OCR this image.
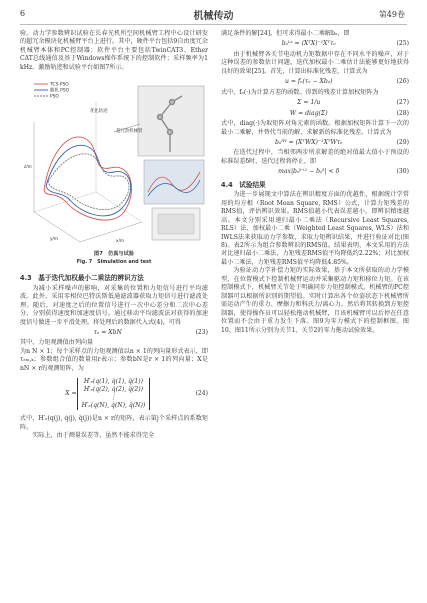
6	机械传动	第49卷

验。动力学参数辨识试验在长春光机所空间机械臂工程中心设计研发的超冗余模块化机械臂平台上进行。其中，硬件平台包括9自由度冗余机械臂本体和PC控制器；软件平台主要包括TwinCAT3、Ether CAT总线通信及基于Windows操作系统下的控制软件；采样频率为1 kHz。激励轨迹和试验平台如图7所示。

TCS-PSO
随机 PSO
PSO
优化轨迹
超冗余机械臂
z/m
y/m	x/m
图7　仿真与试验
Fig. 7　Simulation and test
4.3　基于迭代加权最小二乘法的辨识方法

为减小采样噪声的影响，对采集的位置和力矩信号进行平均滤波。此外，采用零相位巴特沃斯低通滤波器获取力矩信号进行滤波处理。随后，对速度之后的位置信号进行一次中心差分和二次中心差分，分别获得速度和加速度信号。通过移动平均滤波法对获得的加速度信号做进一步平滑处理。将处理后的数据代入式(4)，可得

τₑ = XbN	(23)

其中，力矩观测值由列向量

为n N × 1；每个采样点的力矩观测值以n × 1的列向量形式表示，即τₑₘ,ₖ；参数组合值的数量用r表示；参数bN是r × 1的列向量；X是nN × r的观测矩阵，为

X =
H′ₑ(q(1), q̇(1), q̈(1))
H′ₑ(q(2), q̇(2), q̈(2))
⋮
H′ₑ(q(N), q̇(N), q̈(N))
(24)

式中，H′ₑ(q(j), q̇(j), q̈(j))是n × r的矩阵，表示第j个采样点的系数矩阵。

实际上，由于测量误差等，虽然不能求得完全

满足条件的解[24]，但可求得最小二乘解bₒ，即

bₒᴸˢ = (XᵀX)⁻¹Xᵀτₑ	(25)

由于机械臂各关节电动机力矩数据中存在不同水平的噪声，对于这种误差的参数估计问题，迭代加权最小二乘估计法能够更好地获得良好的效果[25]。首先，计算出标准化残差，计算式为

u = fₒ(τₑ − Xbₒ)	(26)

式中，fₒ(·)为计算方差的函数。得到的残差计算加权矩阵为

Σ = 1/u	(27)
W = diag(Σ)	(28)

式中，diag(·)为取矩阵对角元素的函数。根据加权矩阵计算下一次的最小二乘解，并替代当前的解，求解新的标准化残差。计算式为

bₒᴵᵂ = (XᵀWX)⁻¹XᵀWτₑ	(29)

在迭代过程中，当相邻两步所求解差的绝对值最大值小于预设的标准误差δ时，迭代过程将停止，即

max|bₒᵏ⁺¹ − bₒᵏ| < δ	(30)
4.4　试验结果

为进一步展现文中算法在辨识精度方面的优越性，根据统计学常用的均方根（Root Mean Square, RMS）公式，计算力矩残差的RMS值，评估辨识效果。RMS值越小代表误差越小，即辨识精度越高。本文分别采用递归最小二乘法（Recursive Least Squares, RLS）法、加权最小二乘（Weighted Least Squares, WLS）法和IWLS法来获取动力学参数，求取力矩辨识结果，并进行验证对比(图8)。表2所示为组合参数辨识的RMS值。结果表明，本文采用的方法对比递归最小二乘法，力矩残差RMS值平均降低约2.22%；对比加权最小二乘法，力矩残差RMS值平均降低4.85%。

为验证动力学补偿力矩的实际效果，基于本文所获取的动力学模型，在位置模式下控制机械臂运动并采集驱动力矩和移位力矩。在该控制模式下，机械臂关节处于明确同步力矩控制模式，机械臂的PC控制器可以根据所识别的期望值。实时计算出各个位姿状态下机械臂所需运动产生的重力、摩擦力和科氏力/离心力。然后将其转换到方矩控制器，使得操作员可以轻松拖动机械臂，且该机械臂可以后停在任意位置而不会由于重力发生下落。图9为零力模式下的控制框图。图10、图11所示分别为关节1、关节2的零力拖动试验效果。
